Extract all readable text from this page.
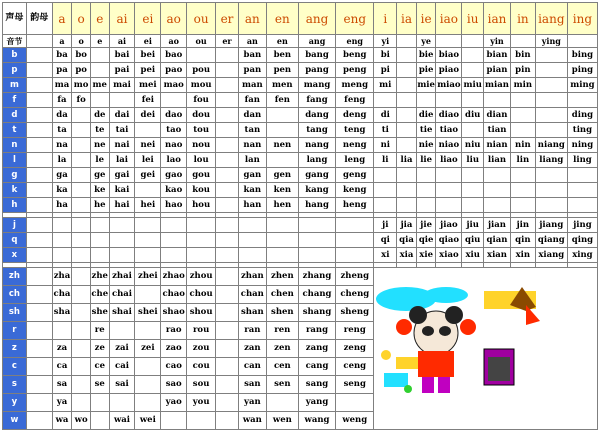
声母	韵母	a	o	e	ai	ei	ao	ou	er	an	en	ang	eng	i	ia	ie	iao	iu	ian	in	iang	ing
音节		a	o	e	ai	ei	ao	ou	er	an	en	ang	eng	yi		ye			yin		ying	
b		ba	bo		bai	bei	bao			ban	ben	bang	beng	bi		bie	biao		bian	bin		bing
p		pa	po		pai	pei	pao	pou		pan	pen	pang	peng	pi		pie	piao		pian	pin		ping
m		ma	mo	me	mai	mei	mao	mou		man	men	mang	meng	mi		mie	miao	miu	mian	min		ming
f		fa	fo			fei		fou		fan	fen	fang	feng									
d		da		de	dai	dei	dao	dou		dan		dang	deng	di		die	diao	diu	dian			ding
t		ta		te	tai		tao	tou		tan		tang	teng	ti		tie	tiao		tian			ting
n		na		ne	nai	nei	nao	nou		nan	nen	nang	neng	ni		nie	niao	niu	nian	nin	niang	ning
l		la		le	lai	lei	lao	lou		lan		lang	leng	li	lia	lie	liao	liu	lian	lin	liang	ling
g		ga		ge	gai	gei	gao	gou		gan	gen	gang	geng									
k		ka		ke	kai		kao	kou		kan	ken	kang	keng									
h		ha		he	hai	hei	hao	hou		han	hen	hang	heng									

j														ji	jia	jie	jiao	jiu	jian	jin	jiang	jing
q														qi	qia	qie	qiao	qiu	qian	qin	qiang	qing
x														xi	xia	xie	xiao	xiu	xian	xin	xiang	xing

zh		zha		zhe	zhai	zhei	zhao	zhou		zhan	zhen	zhang	zheng									
ch		cha		che	chai		chao	chou		chan	chen	chang	cheng									
sh		sha		she	shai	shei	shao	shou		shan	shen	shang	sheng									
r				re			rao	rou		ran	ren	rang	reng									
z		za		ze	zai	zei	zao	zou		zan	zen	zang	zeng									
c		ca		ce	cai		cao	cou		can	cen	cang	ceng									
s		sa		se	sai		sao	sou		san	sen	sang	seng									
y		ya					yao	you		yan		yang										
w		wa	wo		wai	wei				wan	wen	wang	weng									
